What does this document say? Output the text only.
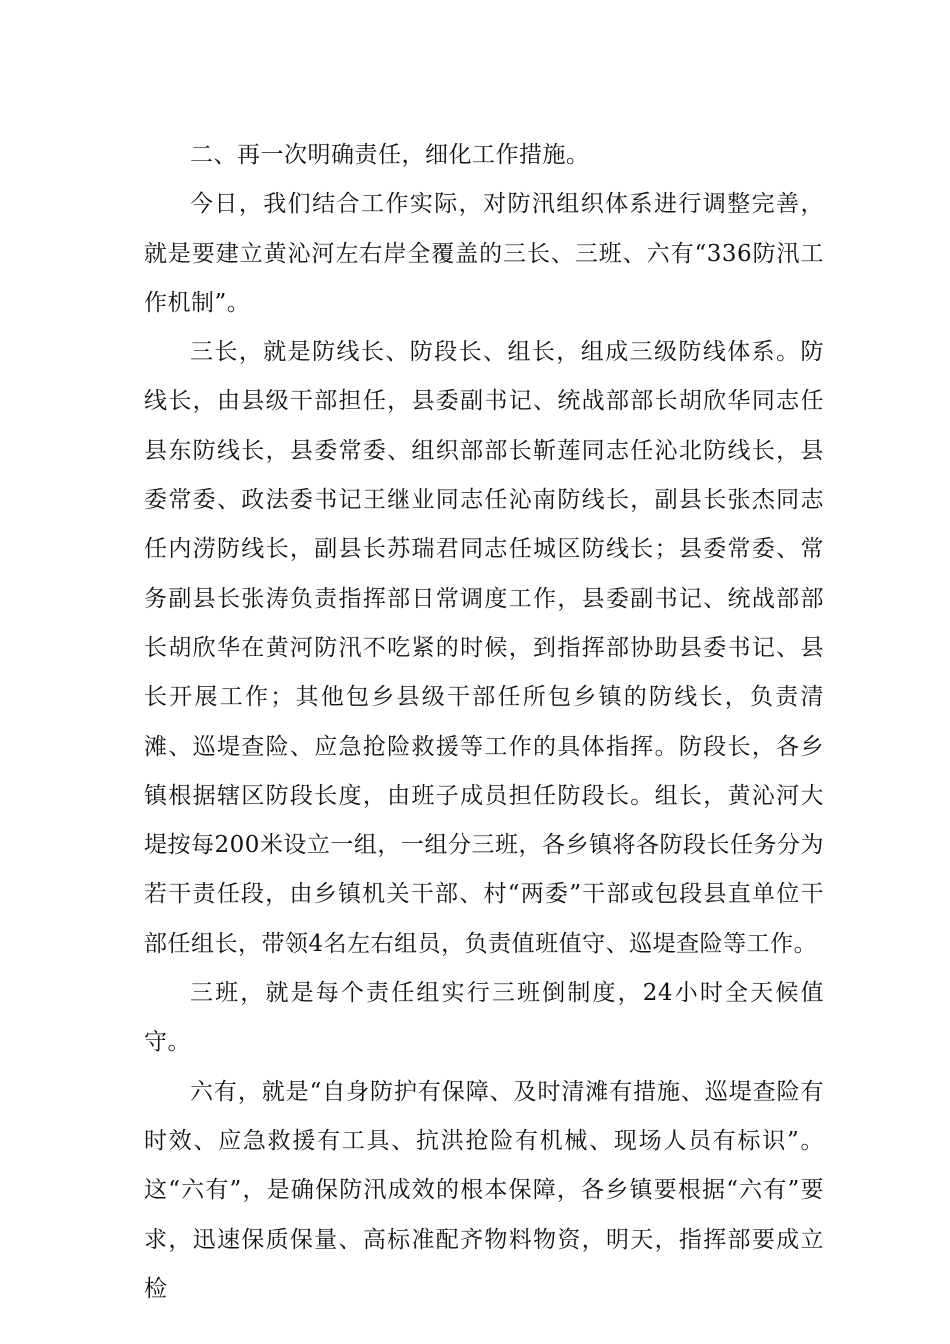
二、再一次明确责任，细化工作措施。

今日，我们结合工作实际，对防汛组织体系进行调整完善，就是要建立黄沁河左右岸全覆盖的三长、三班、六有“336防汛工作机制”。

三长，就是防线长、防段长、组长，组成三级防线体系。防线长，由县级干部担任，县委副书记、统战部部长胡欣华同志任县东防线长，县委常委、组织部部长靳莲同志任沁北防线长，县委常委、政法委书记王继业同志任沁南防线长，副县长张杰同志任内涝防线长，副县长苏瑞君同志任城区防线长；县委常委、常务副县长张涛负责指挥部日常调度工作，县委副书记、统战部部长胡欣华在黄河防汛不吃紧的时候，到指挥部协助县委书记、县长开展工作；其他包乡县级干部任所包乡镇的防线长，负责清滩、巡堤查险、应急抢险救援等工作的具体指挥。防段长，各乡镇根据辖区防段长度，由班子成员担任防段长。组长，黄沁河大堤按每200米设立一组，一组分三班，各乡镇将各防段长任务分为若干责任段，由乡镇机关干部、村“两委”干部或包段县直单位干部任组长，带领4名左右组员，负责值班值守、巡堤查险等工作。

三班，就是每个责任组实行三班倒制度，24小时全天候值守。

六有，就是“自身防护有保障、及时清滩有措施、巡堤查险有时效、应急救援有工具、抗洪抢险有机械、现场人员有标识”。这“六有”，是确保防汛成效的根本保障，各乡镇要根据“六有”要求，迅速保质保量、高标准配齐物料物资，明天，指挥部要成立检
